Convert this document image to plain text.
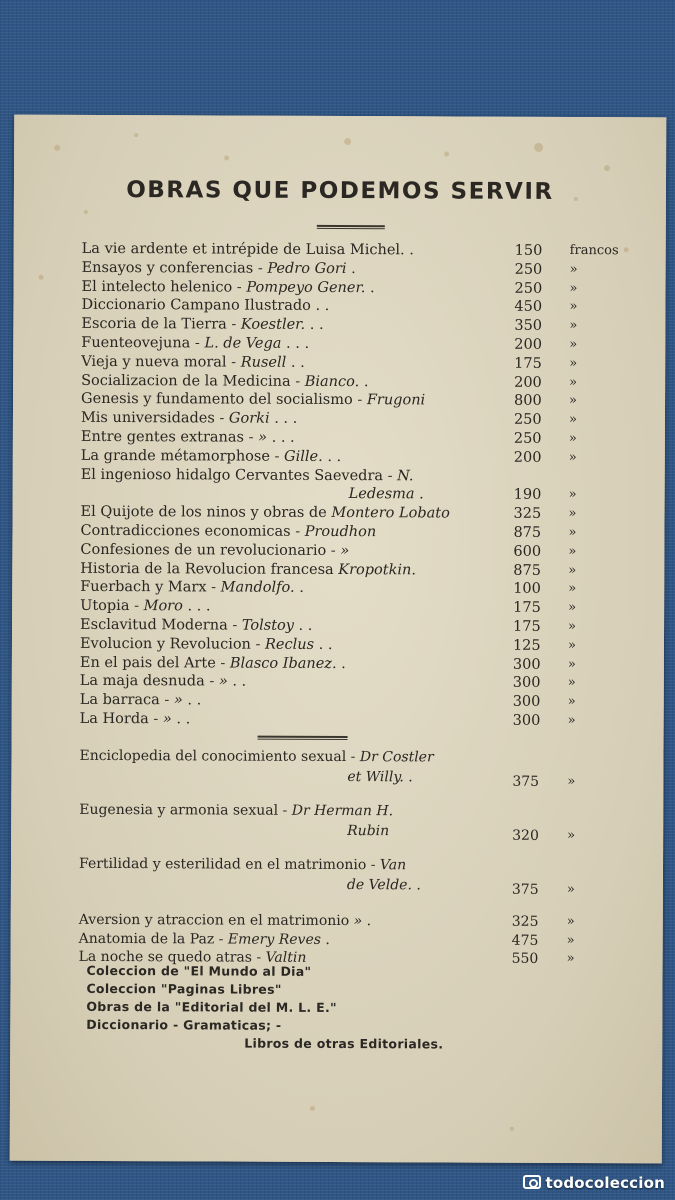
OBRAS QUE PODEMOS SERVIR
La vie ardente et intrépide de Luisa Michel. .	150 francos
Ensayos y conferencias - Pedro Gori .	250 »
El intelecto helenico - Pompeyo Gener. .	250 »
Diccionario Campano Ilustrado . .	450 »
Escoria de la Tierra - Koestler. . .	350 »
Fuenteovejuna - L. de Vega . . .	200 »
Vieja y nueva moral - Rusell . .	175 »
Socializacion de la Medicina - Bianco. .	200 »
Genesis y fundamento del socialismo - Frugoni	800 »
Mis universidades - Gorki . . .	250 »
Entre gentes extranas - » . . .	250 »
La grande métamorphose - Gille. . .	200 »
El ingenioso hidalgo Cervantes Saevedra - N.
Ledesma .	190 »
El Quijote de los ninos y obras de Montero Lobato	325 »
Contradicciones economicas - Proudhon	875 »
Confesiones de un revolucionario - »	600 »
Historia de la Revolucion francesa Kropotkin.	875 »
Fuerbach y Marx - Mandolfo. .	100 »
Utopia - Moro . . .	175 »
Esclavitud Moderna - Tolstoy . .	175 »
Evolucion y Revolucion - Reclus . .	125 »
En el pais del Arte - Blasco Ibanez. .	300 »
La maja desnuda - » . .	300 »
La barraca - » . .	300 »
La Horda - » . .	300 »
Enciclopedia del conocimiento sexual - Dr Costler
et Willy. .	375 »
Eugenesia y armonia sexual - Dr Herman H.
Rubin	320 »
Fertilidad y esterilidad en el matrimonio - Van
de Velde. .	375 »
Aversion y atraccion en el matrimonio » .	325 »
Anatomia de la Paz - Emery Reves .	475 »
La noche se quedo atras - Valtin	550 »
Coleccion de "El Mundo al Dia"
Coleccion "Paginas Libres"
Obras de la "Editorial del M. L. E."
Diccionario - Gramaticas; -
Libros de otras Editoriales.
todocoleccion
